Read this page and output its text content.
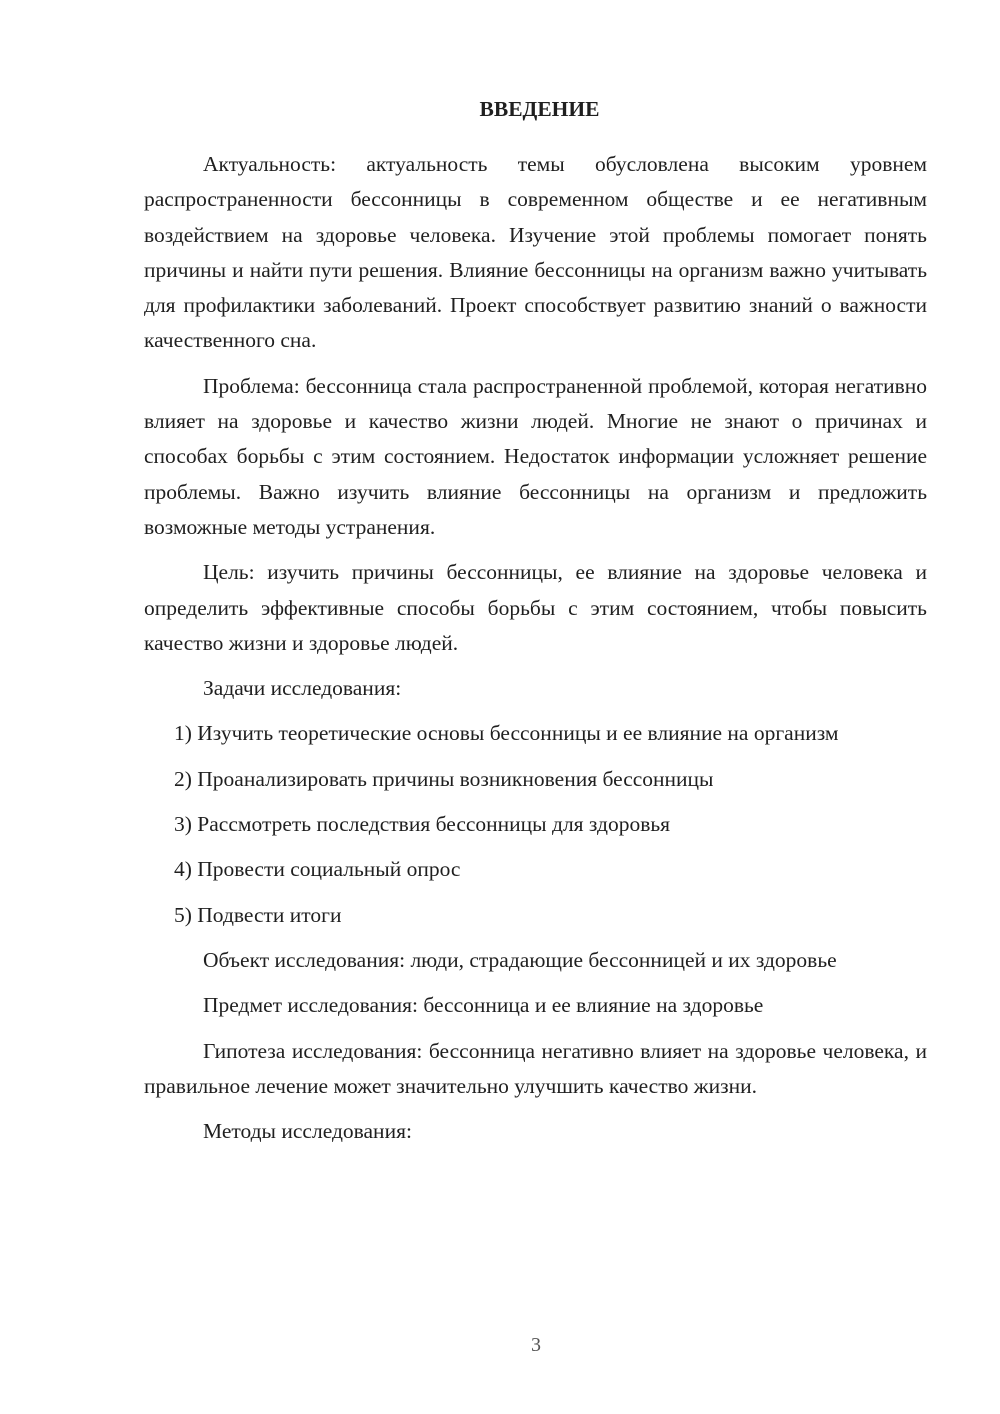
ВВЕДЕНИЕ

Актуальность: актуальность темы обусловлена высоким уровнем распространенности бессонницы в современном обществе и ее негативным воздействием на здоровье человека. Изучение этой проблемы помогает понять причины и найти пути решения. Влияние бессонницы на организм важно учитывать для профилактики заболеваний. Проект способствует развитию знаний о важности качественного сна.

Проблема: бессонница стала распространенной проблемой, которая негативно влияет на здоровье и качество жизни людей. Многие не знают о причинах и способах борьбы с этим состоянием. Недостаток информации усложняет решение проблемы. Важно изучить влияние бессонницы на организм и предложить возможные методы устранения.

Цель: изучить причины бессонницы, ее влияние на здоровье человека и определить эффективные способы борьбы с этим состоянием, чтобы повысить качество жизни и здоровье людей.

Задачи исследования:

1) Изучить теоретические основы бессонницы и ее влияние на организм

2) Проанализировать причины возникновения бессонницы

3) Рассмотреть последствия бессонницы для здоровья

4) Провести социальный опрос

5) Подвести итоги

Объект исследования: люди, страдающие бессонницей и их здоровье

Предмет исследования: бессонница и ее влияние на здоровье

Гипотеза исследования: бессонница негативно влияет на здоровье человека, и правильное лечение может значительно улучшить качество жизни.

Методы исследования:

3
